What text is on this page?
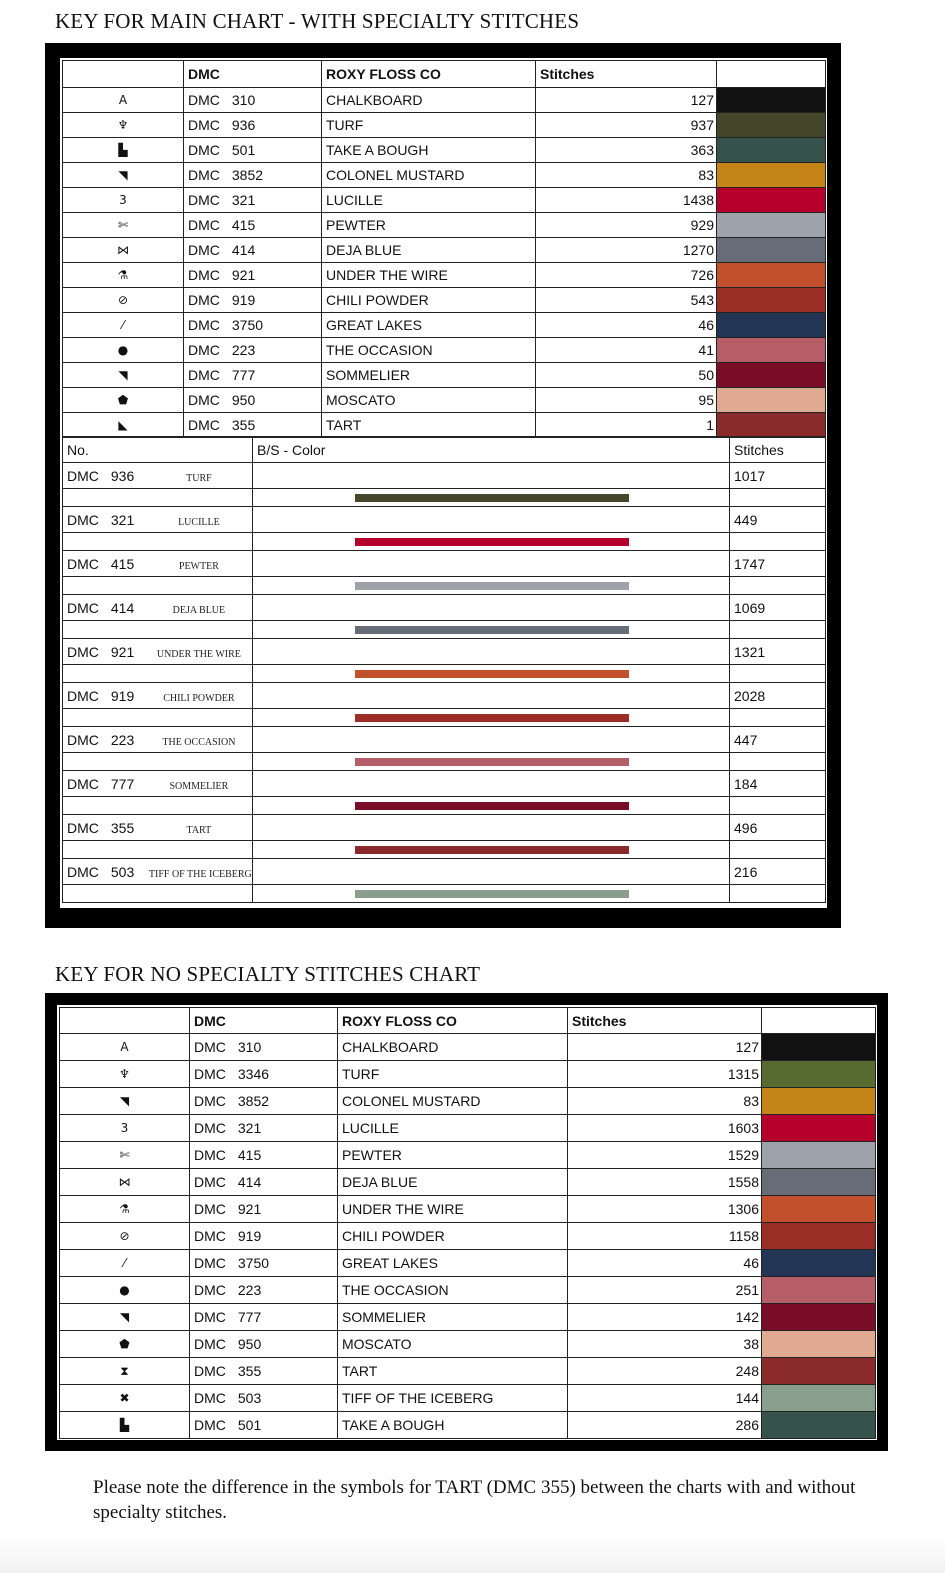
KEY FOR MAIN CHART - WITH SPECIALTY STITCHES
	DMC	ROXY FLOSS CO	Stitches	
A	DMC 310	CHALKBOARD	127	
♆	DMC 936	TURF	937	
▙	DMC 501	TAKE A BOUGH	363	
◥	DMC 3852	COLONEL MUSTARD	83	
3	DMC 321	LUCILLE	1438	
✄	DMC 415	PEWTER	929	
⋈	DMC 414	DEJA BLUE	1270	
⚗	DMC 921	UNDER THE WIRE	726	
⊘	DMC 919	CHILI POWDER	543	
⁄	DMC 3750	GREAT LAKES	46	
●	DMC 223	THE OCCASION	41	
◥	DMC 777	SOMMELIER	50	
⬟	DMC 950	MOSCATO	95	
◣	DMC 355	TART	1	
No.	B/S - Color	Stitches
DMC 936 TURF		1017

DMC 321 LUCILLE		449

DMC 415 PEWTER		1747

DMC 414 DEJA BLUE		1069

DMC 921 UNDER THE WIRE		1321

DMC 919 CHILI POWDER		2028

DMC 223 THE OCCASION		447

DMC 777 SOMMELIER		184

DMC 355 TART		496

DMC 503 TIFF OF THE ICEBERG		216

KEY FOR NO SPECIALTY STITCHES CHART
	DMC	ROXY FLOSS CO	Stitches	
A	DMC 310	CHALKBOARD	127	
♆	DMC 3346	TURF	1315	
◥	DMC 3852	COLONEL MUSTARD	83	
3	DMC 321	LUCILLE	1603	
✄	DMC 415	PEWTER	1529	
⋈	DMC 414	DEJA BLUE	1558	
⚗	DMC 921	UNDER THE WIRE	1306	
⊘	DMC 919	CHILI POWDER	1158	
⁄	DMC 3750	GREAT LAKES	46	
●	DMC 223	THE OCCASION	251	
◥	DMC 777	SOMMELIER	142	
⬟	DMC 950	MOSCATO	38	
⧗	DMC 355	TART	248	
✖	DMC 503	TIFF OF THE ICEBERG	144	
▙	DMC 501	TAKE A BOUGH	286	
Please note the difference in the symbols for TART (DMC 355) between the charts with and without specialty stitches.
